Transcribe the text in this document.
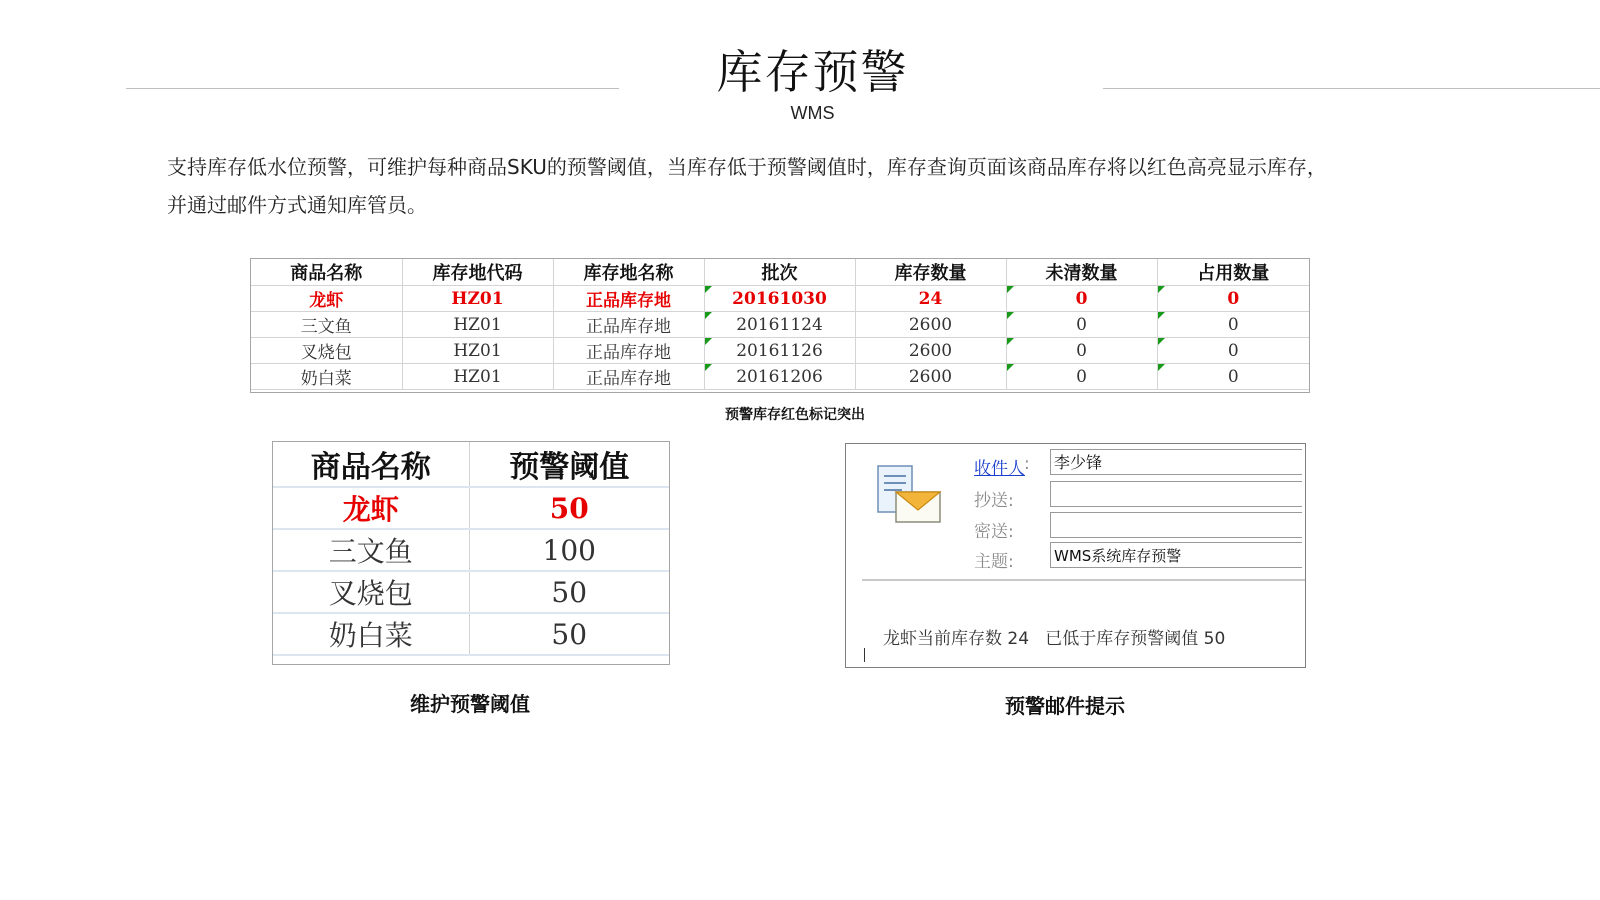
库存预警
WMS
支持库存低水位预警，可维护每种商品SKU的预警阈值，当库存低于预警阈值时，库存查询页面该商品库存将以红色高亮显示库存，
并通过邮件方式通知库管员。
商品名称	库存地代码	库存地名称	批次	库存数量	未清数量	占用数量
龙虾	HZ01	正品库存地	20161030	24	0	0
三文鱼	HZ01	正品库存地	20161124	2600	0	0
叉烧包	HZ01	正品库存地	20161126	2600	0	0
奶白菜	HZ01	正品库存地	20161206	2600	0	0
预警库存红色标记突出
商品名称	预警阈值
龙虾	50
三文鱼	100
叉烧包	50
奶白菜	50
维护预警阈值
收件人 : 李少锋
抄送:
密送:
主题:	WMS系统库存预警
龙虾当前库存数 24   已低于库存预警阈值 50
预警邮件提示
